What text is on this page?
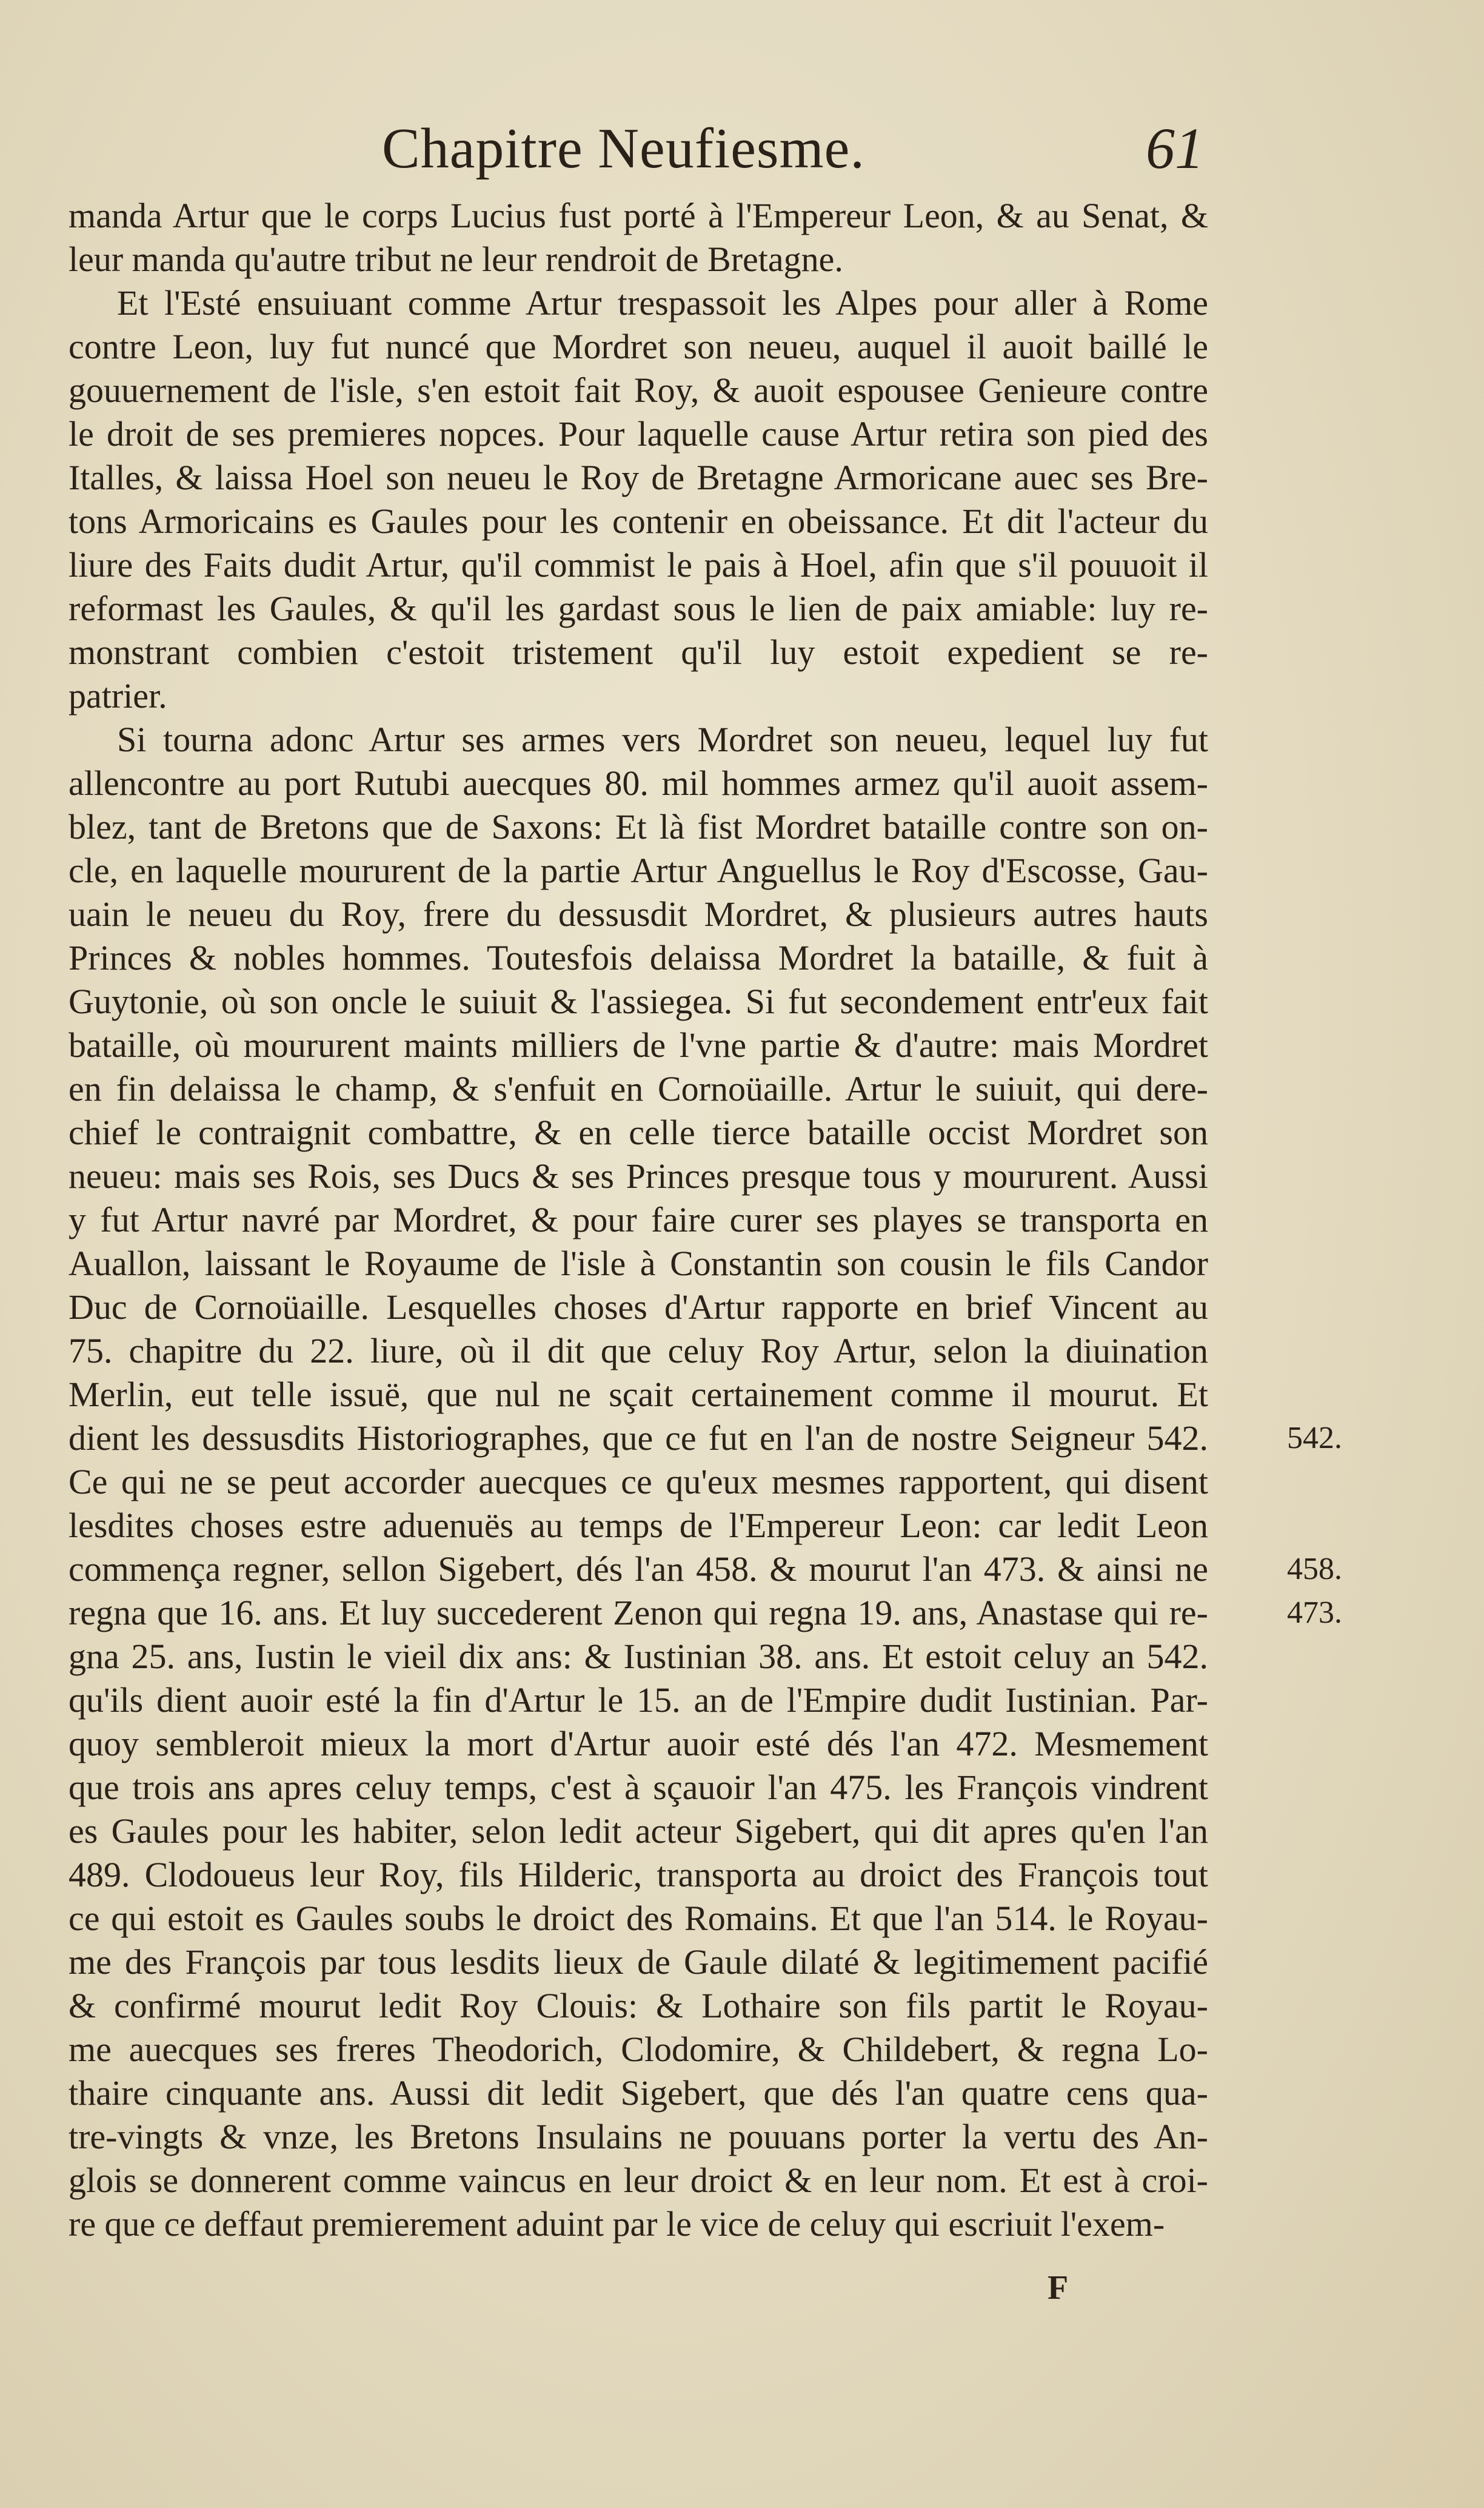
Chapitre Neufiesme.	61
manda Artur que le corps Lucius fust porté à l'Empereur Leon, & au Senat, &
leur manda qu'autre tribut ne leur rendroit de Bretagne.
Et l'Esté ensuiuant comme Artur trespassoit les Alpes pour aller à Rome
contre Leon, luy fut nuncé que Mordret son neueu, auquel il auoit baillé le
gouuernement de l'isle, s'en estoit fait Roy, & auoit espousee Genieure contre
le droit de ses premieres nopces. Pour laquelle cause Artur retira son pied des
Italles, & laissa Hoel son neueu le Roy de Bretagne Armoricane auec ses Bre-
tons Armoricains es Gaules pour les contenir en obeissance. Et dit l'acteur du
liure des Faits dudit Artur, qu'il commist le pais à Hoel, afin que s'il pouuoit il
reformast les Gaules, & qu'il les gardast sous le lien de paix amiable: luy re-
monstrant combien c'estoit tristement qu'il luy estoit expedient se re-
patrier.
Si tourna adonc Artur ses armes vers Mordret son neueu, lequel luy fut
allencontre au port Rutubi auecques 80. mil hommes armez qu'il auoit assem-
blez, tant de Bretons que de Saxons: Et là fist Mordret bataille contre son on-
cle, en laquelle moururent de la partie Artur Anguellus le Roy d'Escosse, Gau-
uain le neueu du Roy, frere du dessusdit Mordret, & plusieurs autres hauts
Princes & nobles hommes. Toutesfois delaissa Mordret la bataille, & fuit à
Guytonie, où son oncle le suiuit & l'assiegea. Si fut secondement entr'eux fait
bataille, où moururent maints milliers de l'vne partie & d'autre: mais Mordret
en fin delaissa le champ, & s'enfuit en Cornoüaille. Artur le suiuit, qui dere-
chief le contraignit combattre, & en celle tierce bataille occist Mordret son
neueu: mais ses Rois, ses Ducs & ses Princes presque tous y moururent. Aussi
y fut Artur navré par Mordret, & pour faire curer ses playes se transporta en
Auallon, laissant le Royaume de l'isle à Constantin son cousin le fils Candor
Duc de Cornoüaille. Lesquelles choses d'Artur rapporte en brief Vincent au
75. chapitre du 22. liure, où il dit que celuy Roy Artur, selon la diuination
Merlin, eut telle issuë, que nul ne sçait certainement comme il mourut. Et
dient les dessusdits Historiographes, que ce fut en l'an de nostre Seigneur 542.
Ce qui ne se peut accorder auecques ce qu'eux mesmes rapportent, qui disent
lesdites choses estre aduenuës au temps de l'Empereur Leon: car ledit Leon
commença regner, sellon Sigebert, dés l'an 458. & mourut l'an 473. & ainsi ne
regna que 16. ans. Et luy succederent Zenon qui regna 19. ans, Anastase qui re-
gna 25. ans, Iustin le vieil dix ans: & Iustinian 38. ans. Et estoit celuy an 542.
qu'ils dient auoir esté la fin d'Artur le 15. an de l'Empire dudit Iustinian. Par-
quoy sembleroit mieux la mort d'Artur auoir esté dés l'an 472. Mesmement
que trois ans apres celuy temps, c'est à sçauoir l'an 475. les François vindrent
es Gaules pour les habiter, selon ledit acteur Sigebert, qui dit apres qu'en l'an
489. Clodoueus leur Roy, fils Hilderic, transporta au droict des François tout
ce qui estoit es Gaules soubs le droict des Romains. Et que l'an 514. le Royau-
me des François par tous lesdits lieux de Gaule dilaté & legitimement pacifié
& confirmé mourut ledit Roy Clouis: & Lothaire son fils partit le Royau-
me auecques ses freres Theodorich, Clodomire, & Childebert, & regna Lo-
thaire cinquante ans. Aussi dit ledit Sigebert, que dés l'an quatre cens qua-
tre-vingts & vnze, les Bretons Insulains ne pouuans porter la vertu des An-
glois se donnerent comme vaincus en leur droict & en leur nom. Et est à croi-
re que ce deffaut premierement aduint par le vice de celuy qui escriuit l'exem-
542.
458.
473.
F
